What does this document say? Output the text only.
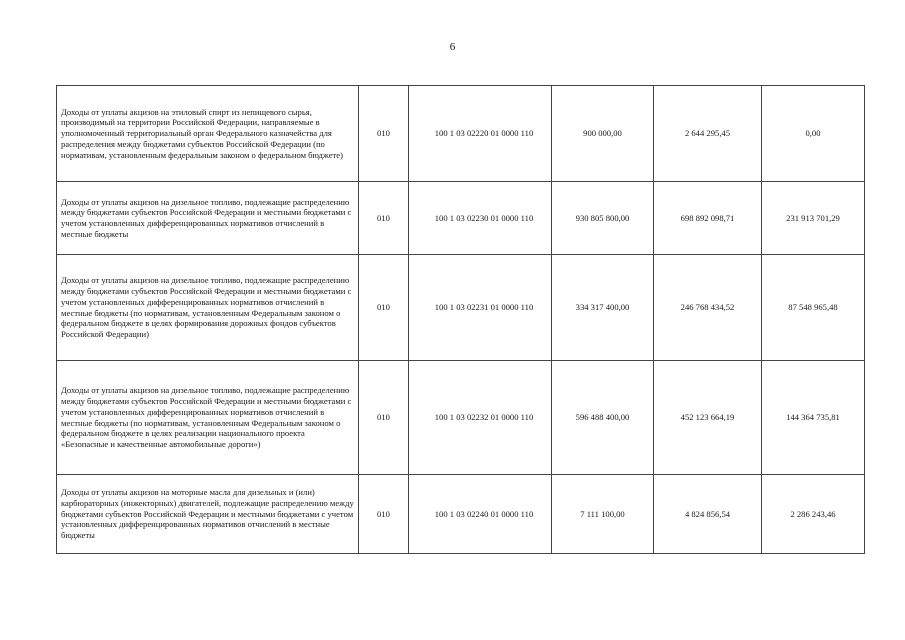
6
Доходы от уплаты акцизов на этиловый спирт из непищевого сырья, производимый на территории Российской Федерации, направляемые в уполномоченный территориальный орган Федерального казначейства для распределения между бюджетами субъектов Российской Федерации (по нормативам, установленным федеральным законом о федеральном бюджете)	010	100 1 03 02220 01 0000 110	900 000,00	2 644 295,45	0,00
Доходы от уплаты акцизов на дизельное топливо, подлежащие распределению между бюджетами субъектов Российской Федерации и местными бюджетами с учетом установленных дифференцированных нормативов отчислений в местные бюджеты	010	100 1 03 02230 01 0000 110	930 805 800,00	698 892 098,71	231 913 701,29
Доходы от уплаты акцизов на дизельное топливо, подлежащие распределению между бюджетами субъектов Российской Федерации и местными бюджетами с учетом установленных дифференцированных нормативов отчислений в местные бюджеты (по нормативам, установленным Федеральным законом о федеральном бюджете в целях формирования дорожных фондов субъектов Российской Федерации)	010	100 1 03 02231 01 0000 110	334 317 400,00	246 768 434,52	87 548 965,48
Доходы от уплаты акцизов на дизельное топливо, подлежащие распределению между бюджетами субъектов Российской Федерации и местными бюджетами с учетом установленных дифференцированных нормативов отчислений в местные бюджеты (по нормативам, установленным Федеральным законом о федеральном бюджете в целях реализации национального проекта «Безопасные и качественные автомобильные дороги»)	010	100 1 03 02232 01 0000 110	596 488 400,00	452 123 664,19	144 364 735,81
Доходы от уплаты акцизов на моторные масла для дизельных и (или) карбюраторных (инжекторных) двигателей, подлежащие распределению между бюджетами субъектов Российской Федерации и местными бюджетами с учетом установленных дифференцированных нормативов отчислений в местные бюджеты	010	100 1 03 02240 01 0000 110	7 111 100,00	4 824 856,54	2 286 243,46
